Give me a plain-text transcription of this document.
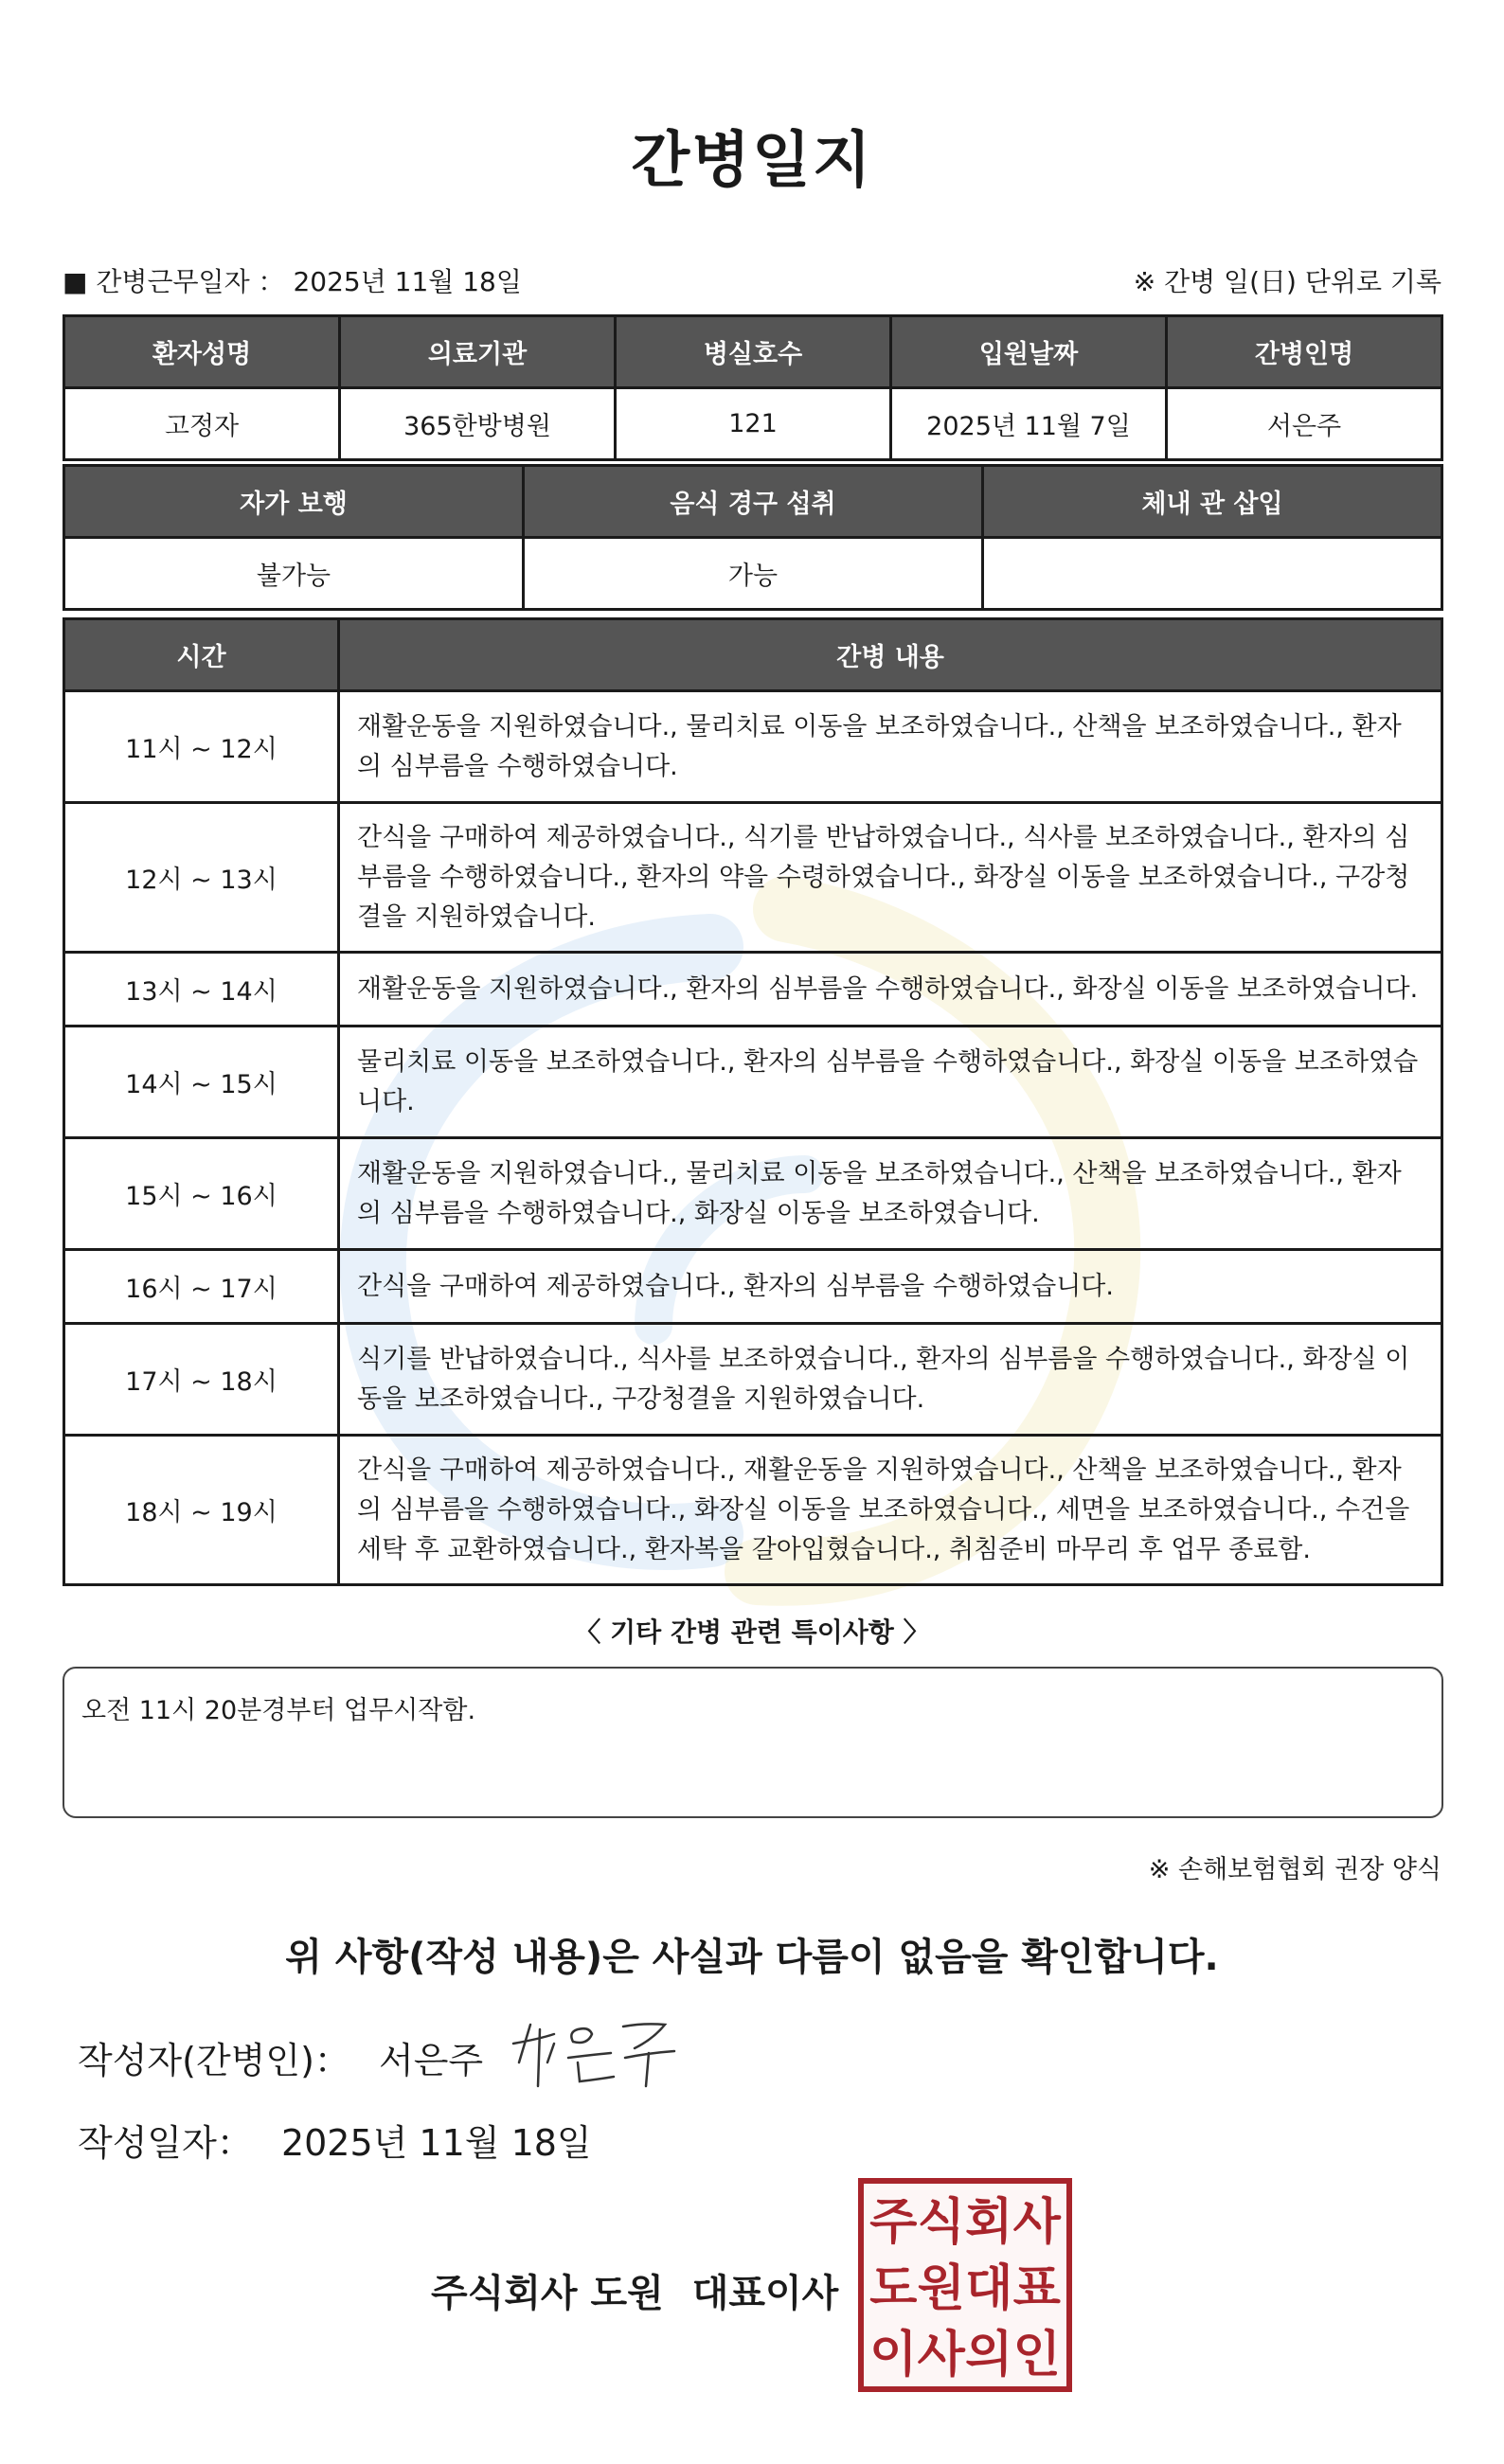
간병일지
■ 간병근무일자 ： 2025년 11월 18일	※ 간병 일(日) 단위로 기록
환자성명	의료기관	병실호수	입원날짜	간병인명
고정자	365한방병원	121	2025년 11월 7일	서은주
자가 보행	음식 경구 섭취	체내 관 삽입
불가능	가능	
시간	간병 내용
11시 ~ 12시	재활운동을 지원하였습니다., 물리치료 이동을 보조하였습니다., 산책을 보조하였습니다., 환자의 심부름을 수행하였습니다.
12시 ~ 13시	간식을 구매하여 제공하였습니다., 식기를 반납하였습니다., 식사를 보조하였습니다., 환자의 심부름을 수행하였습니다., 환자의 약을 수령하였습니다., 화장실 이동을 보조하였습니다., 구강청결을 지원하였습니다.
13시 ~ 14시	재활운동을 지원하였습니다., 환자의 심부름을 수행하였습니다., 화장실 이동을 보조하였습니다.
14시 ~ 15시	물리치료 이동을 보조하였습니다., 환자의 심부름을 수행하였습니다., 화장실 이동을 보조하였습니다.
15시 ~ 16시	재활운동을 지원하였습니다., 물리치료 이동을 보조하였습니다., 산책을 보조하였습니다., 환자의 심부름을 수행하였습니다., 화장실 이동을 보조하였습니다.
16시 ~ 17시	간식을 구매하여 제공하였습니다., 환자의 심부름을 수행하였습니다.
17시 ~ 18시	식기를 반납하였습니다., 식사를 보조하였습니다., 환자의 심부름을 수행하였습니다., 화장실 이동을 보조하였습니다., 구강청결을 지원하였습니다.
18시 ~ 19시	간식을 구매하여 제공하였습니다., 재활운동을 지원하였습니다., 산책을 보조하였습니다., 환자의 심부름을 수행하였습니다., 화장실 이동을 보조하였습니다., 세면을 보조하였습니다., 수건을 세탁 후 교환하였습니다., 환자복을 갈아입혔습니다., 취침준비 마무리 후 업무 종료함.
〈 기타 간병 관련 특이사항 〉
오전 11시 20분경부터 업무시작함.
※ 손해보험협회 권장 양식
위 사항(작성 내용)은 사실과 다름이 없음을 확인합니다.
작성자(간병인)： 서은주
작성일자： 2025년 11월 18일
주식회사 도원 대표이사
주 식 회 사
도 원 대 표
이 사 의 인
